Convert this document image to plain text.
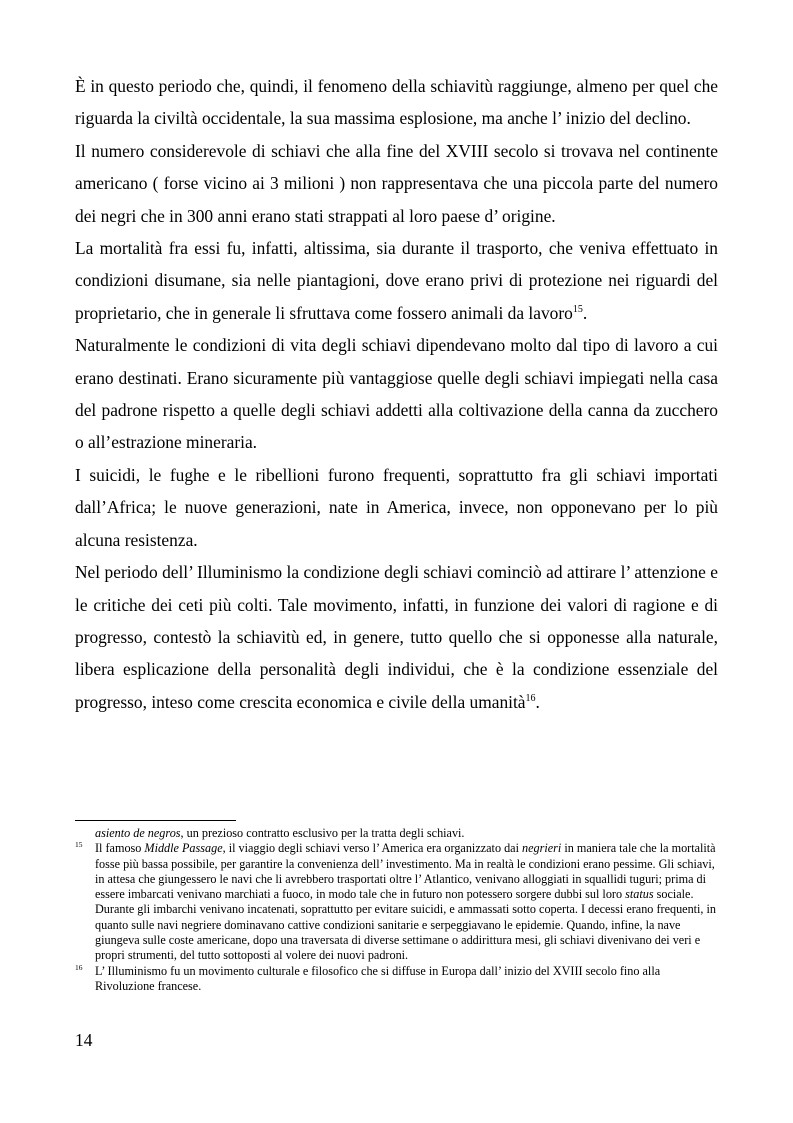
È in questo periodo che, quindi, il fenomeno della schiavitù raggiunge, almeno per quel che riguarda la civiltà occidentale, la sua massima esplosione, ma anche l’ inizio del declino.

Il numero considerevole di schiavi che alla fine del XVIII secolo si trovava nel continente americano ( forse vicino ai 3 milioni ) non rappresentava che una piccola parte del numero dei negri che in 300 anni erano stati strappati al loro paese d’ origine.

La mortalità fra essi fu, infatti, altissima, sia durante il trasporto, che veniva effettuato in condizioni disumane, sia nelle piantagioni, dove erano privi di protezione nei riguardi del proprietario, che in generale li sfruttava come fossero animali da lavoro$^{15}$.

Naturalmente le condizioni di vita degli schiavi dipendevano molto dal tipo di lavoro a cui erano destinati. Erano sicuramente più vantaggiose quelle degli schiavi impiegati nella casa del padrone rispetto a quelle degli schiavi addetti alla coltivazione della canna da zucchero o all’estrazione mineraria.

I suicidi, le fughe e le ribellioni furono frequenti, soprattutto fra gli schiavi importati dall’Africa; le nuove generazioni, nate in America, invece, non opponevano per lo più alcuna resistenza.

Nel periodo dell’ Illuminismo la condizione degli schiavi cominciò ad attirare l’ attenzione e le critiche dei ceti più colti. Tale movimento, infatti, in funzione dei valori di ragione e di progresso, contestò la schiavitù ed, in genere, tutto quello che si opponesse alla naturale, libera esplicazione della personalità degli individui, che è la condizione essenziale del progresso, inteso come crescita economica e civile della umanità$^{16}$.

asiento de negros, un prezioso contratto esclusivo per la tratta degli schiavi.

15 Il famoso Middle Passage, il viaggio degli schiavi verso l’ America era organizzato dai negrieri in maniera tale che la mortalità fosse più bassa possibile, per garantire la convenienza dell’ investimento. Ma in realtà le condizioni erano pessime. Gli schiavi, in attesa che giungessero le navi che li avrebbero trasportati oltre l’ Atlantico, venivano alloggiati in squallidi tuguri; prima di essere imbarcati venivano marchiati a fuoco, in modo tale che in futuro non potessero sorgere dubbi sul loro status sociale. Durante gli imbarchi venivano incatenati, soprattutto per evitare suicidi, e ammassati sotto coperta. I decessi erano frequenti, in quanto sulle navi negriere dominavano cattive condizioni sanitarie e serpeggiavano le epidemie. Quando, infine, la nave giungeva sulle coste americane, dopo una traversata di diverse settimane o addirittura mesi, gli schiavi divenivano dei veri e propri strumenti, del tutto sottoposti al volere dei nuovi padroni.

16 L’ Illuminismo fu un movimento culturale e filosofico che si diffuse in Europa dall’ inizio del XVIII secolo fino alla Rivoluzione francese.

14
